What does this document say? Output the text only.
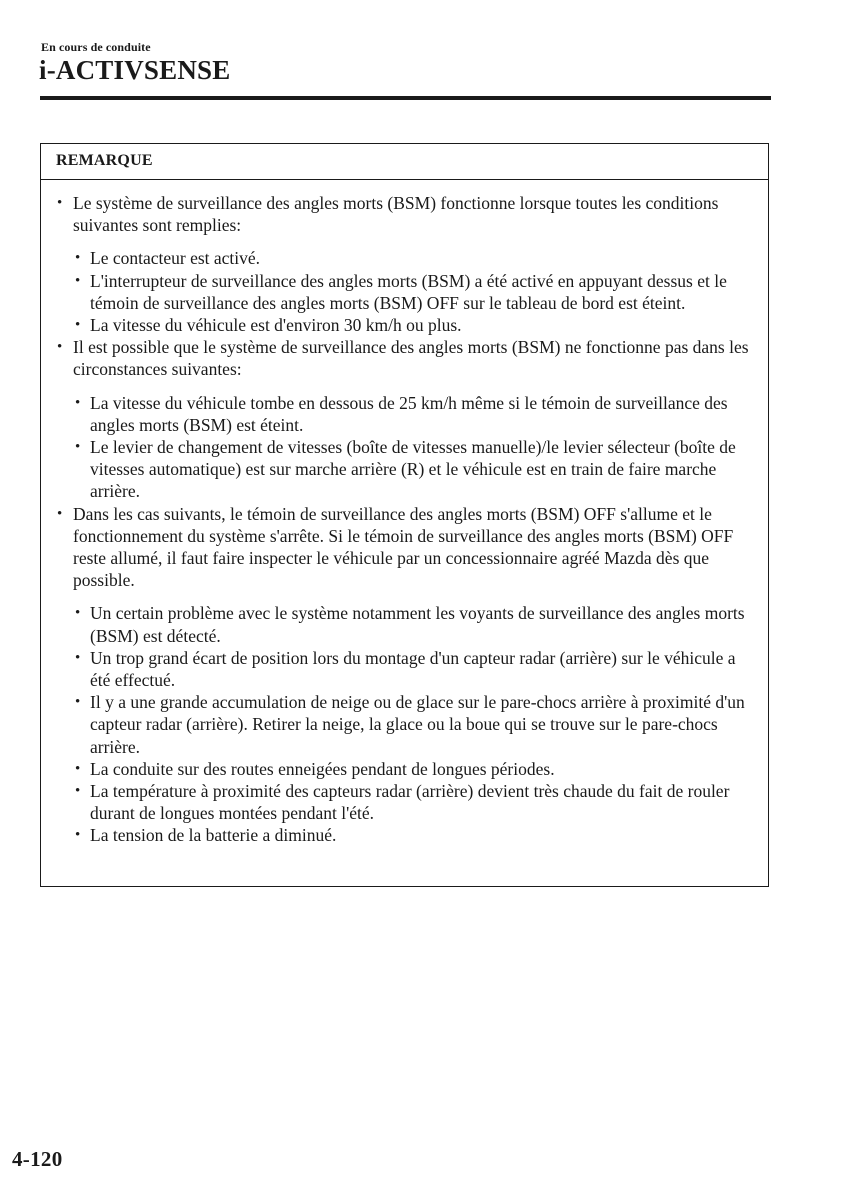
En cours de conduite
i-ACTIVSENSE
REMARQUE
• Le système de surveillance des angles morts (BSM) fonctionne lorsque toutes les conditions suivantes sont remplies:
• Le contacteur est activé.
• L'interrupteur de surveillance des angles morts (BSM) a été activé en appuyant dessus et le témoin de surveillance des angles morts (BSM) OFF sur le tableau de bord est éteint.
• La vitesse du véhicule est d'environ 30 km/h ou plus.
• Il est possible que le système de surveillance des angles morts (BSM) ne fonctionne pas dans les circonstances suivantes:
• La vitesse du véhicule tombe en dessous de 25 km/h même si le témoin de surveillance des angles morts (BSM) est éteint.
• Le levier de changement de vitesses (boîte de vitesses manuelle)/le levier sélecteur (boîte de vitesses automatique) est sur marche arrière (R) et le véhicule est en train de faire marche arrière.
• Dans les cas suivants, le témoin de surveillance des angles morts (BSM) OFF s'allume et le fonctionnement du système s'arrête. Si le témoin de surveillance des angles morts (BSM) OFF reste allumé, il faut faire inspecter le véhicule par un concessionnaire agréé Mazda dès que possible.
• Un certain problème avec le système notamment les voyants de surveillance des angles morts (BSM) est détecté.
• Un trop grand écart de position lors du montage d'un capteur radar (arrière) sur le véhicule a été effectué.
• Il y a une grande accumulation de neige ou de glace sur le pare-chocs arrière à proximité d'un capteur radar (arrière). Retirer la neige, la glace ou la boue qui se trouve sur le pare-chocs arrière.
• La conduite sur des routes enneigées pendant de longues périodes.
• La température à proximité des capteurs radar (arrière) devient très chaude du fait de rouler durant de longues montées pendant l'été.
• La tension de la batterie a diminué.
4-120
